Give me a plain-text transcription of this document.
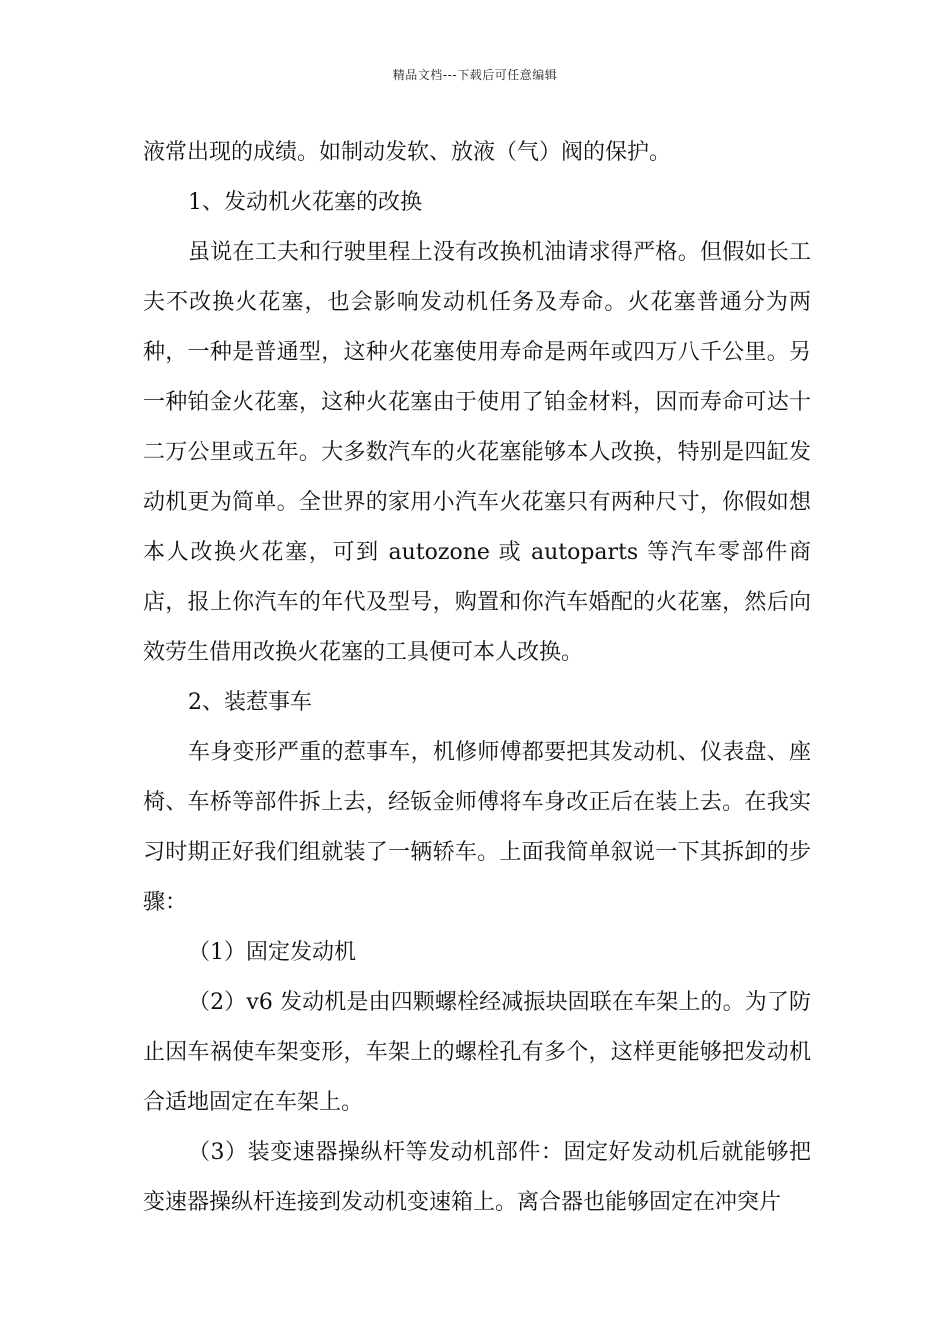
精品文档---下载后可任意编辑

液常出现的成绩。如制动发软、放液（气）阀的保护。

1、发动机火花塞的改换

虽说在工夫和行驶里程上没有改换机油请求得严格。但假如长工夫不改换火花塞，也会影响发动机任务及寿命。火花塞普通分为两种，一种是普通型，这种火花塞使用寿命是两年或四万八千公里。另一种铂金火花塞，这种火花塞由于使用了铂金材料，因而寿命可达十二万公里或五年。大多数汽车的火花塞能够本人改换，特别是四缸发动机更为简单。全世界的家用小汽车火花塞只有两种尺寸，你假如想本人改换火花塞，可到 autozone 或 autoparts 等汽车零部件商店，报上你汽车的年代及型号，购置和你汽车婚配的火花塞，然后向效劳生借用改换火花塞的工具便可本人改换。

2、装惹事车

车身变形严重的惹事车，机修师傅都要把其发动机、仪表盘、座椅、车桥等部件拆上去，经钣金师傅将车身改正后在装上去。在我实习时期正好我们组就装了一辆轿车。上面我简单叙说一下其拆卸的步骤：

（1）固定发动机

（2）v6 发动机是由四颗螺栓经减振块固联在车架上的。为了防止因车祸使车架变形，车架上的螺栓孔有多个，这样更能够把发动机合适地固定在车架上。

（3）装变速器操纵杆等发动机部件：固定好发动机后就能够把变速器操纵杆连接到发动机变速箱上。离合器也能够固定在冲突片
